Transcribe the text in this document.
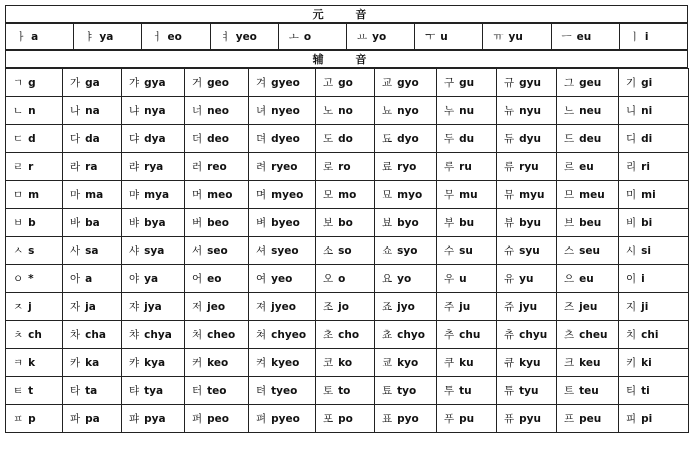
元 音
ㅏ a	ㅑ ya	ㅓ eo	ㅕ yeo	ㅗ o	ㅛ yo	ㅜ u	ㅠ yu	ㅡ eu	ㅣ i
辅 音
ㄱ g	가 ga	갸 gya	거 geo	겨 gyeo	고 go	교 gyo	구 gu	규 gyu	그 geu	기 gi
ㄴ n	나 na	냐 nya	너 neo	녀 nyeo	노 no	뇨 nyo	누 nu	뉴 nyu	느 neu	니 ni
ㄷ d	다 da	댜 dya	더 deo	뎌 dyeo	도 do	됴 dyo	두 du	듀 dyu	드 deu	디 di
ㄹ r	라 ra	랴 rya	러 reo	려 ryeo	로 ro	료 ryo	루 ru	류 ryu	르 eu	리 ri
ㅁ m	마 ma	먀 mya	머 meo	며 myeo	모 mo	묘 myo	무 mu	뮤 myu	므 meu	미 mi
ㅂ b	바 ba	뱌 bya	버 beo	벼 byeo	보 bo	뵤 byo	부 bu	뷰 byu	브 beu	비 bi
ㅅ s	사 sa	샤 sya	서 seo	셔 syeo	소 so	쇼 syo	수 su	슈 syu	스 seu	시 si
ㅇ *	아 a	야 ya	어 eo	여 yeo	오 o	요 yo	우 u	유 yu	으 eu	이 i
ㅈ j	자 ja	쟈 jya	저 jeo	져 jyeo	조 jo	죠 jyo	주 ju	쥬 jyu	즈 jeu	지 ji
ㅊ ch	차 cha	챠 chya	처 cheo	쳐 chyeo	초 cho	쵸 chyo	추 chu	츄 chyu	츠 cheu	치 chi
ㅋ k	카 ka	캬 kya	커 keo	켜 kyeo	코 ko	쿄 kyo	쿠 ku	큐 kyu	크 keu	키 ki
ㅌ t	타 ta	탸 tya	터 teo	텨 tyeo	토 to	툐 tyo	투 tu	튜 tyu	트 teu	티 ti
ㅍ p	파 pa	퍄 pya	퍼 peo	펴 pyeo	포 po	표 pyo	푸 pu	퓨 pyu	프 peu	피 pi
